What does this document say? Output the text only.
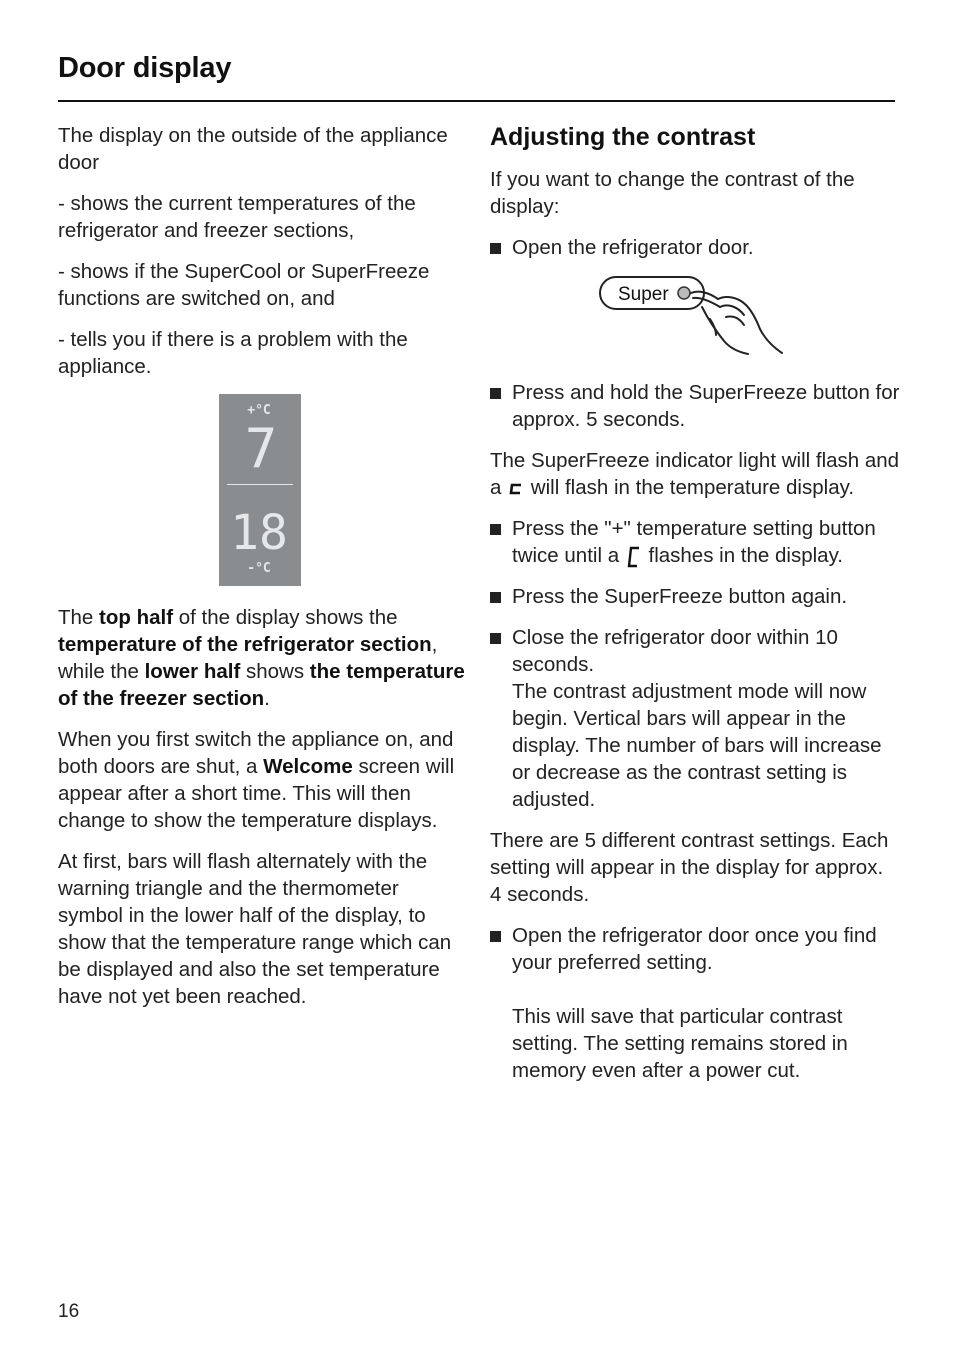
Door display

The display on the outside of the appliance door

- shows the current temperatures of the refrigerator and freezer sections,

- shows if the SuperCool or SuperFreeze functions are switched on, and

- tells you if there is a problem with the appliance.

+°C
7
18
-°C

The top half of the display shows the temperature of the refrigerator section, while the lower half shows the temperature of the freezer section.

When you first switch the appliance on, and both doors are shut, a Welcome screen will appear after a short time. This will then change to show the temperature displays.

At first, bars will flash alternately with the warning triangle and the thermometer symbol in the lower half of the display, to show that the temperature range which can be displayed and also the set temperature have not yet been reached.

Adjusting the contrast

If you want to change the contrast of the display:

Open the refrigerator door.
Super
Press and hold the SuperFreeze button for approx. 5 seconds.

The SuperFreeze indicator light will flash and a  will flash in the temperature display.

Press the "+" temperature setting button twice until a  flashes in the display.
Press the SuperFreeze button again.
Close the refrigerator door within 10 seconds.
The contrast adjustment mode will now begin. Vertical bars will appear in the display. The number of bars will increase or decrease as the contrast setting is adjusted.

There are 5 different contrast settings. Each setting will appear in the display for approx. 4 seconds.

Open the refrigerator door once you find your preferred setting.
This will save that particular contrast setting. The setting remains stored in memory even after a power cut.
16
